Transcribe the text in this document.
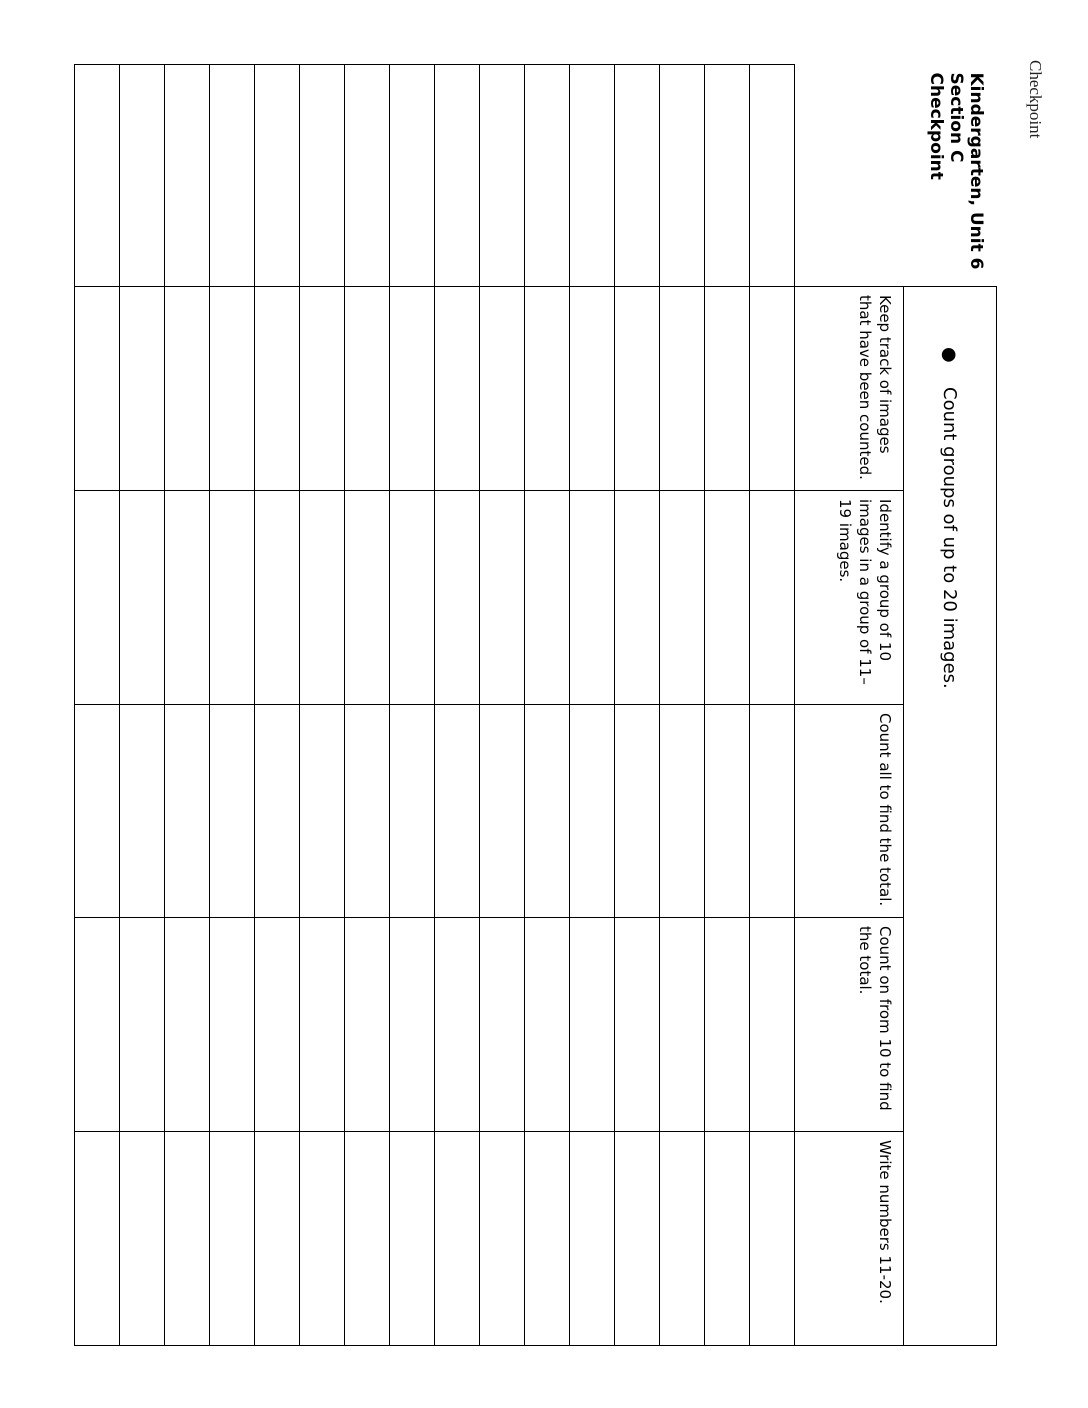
Checkpoint
Kindergarten, Unit 6
Section C
Checkpoint	●Count groups of up to 20 images.				
	Keep track of images that have been counted.	Identify a group of 10 images in a group of 11–19 images.	Count all to find the total.	Count on from 10 to find the total.	Write numbers 11-20.
